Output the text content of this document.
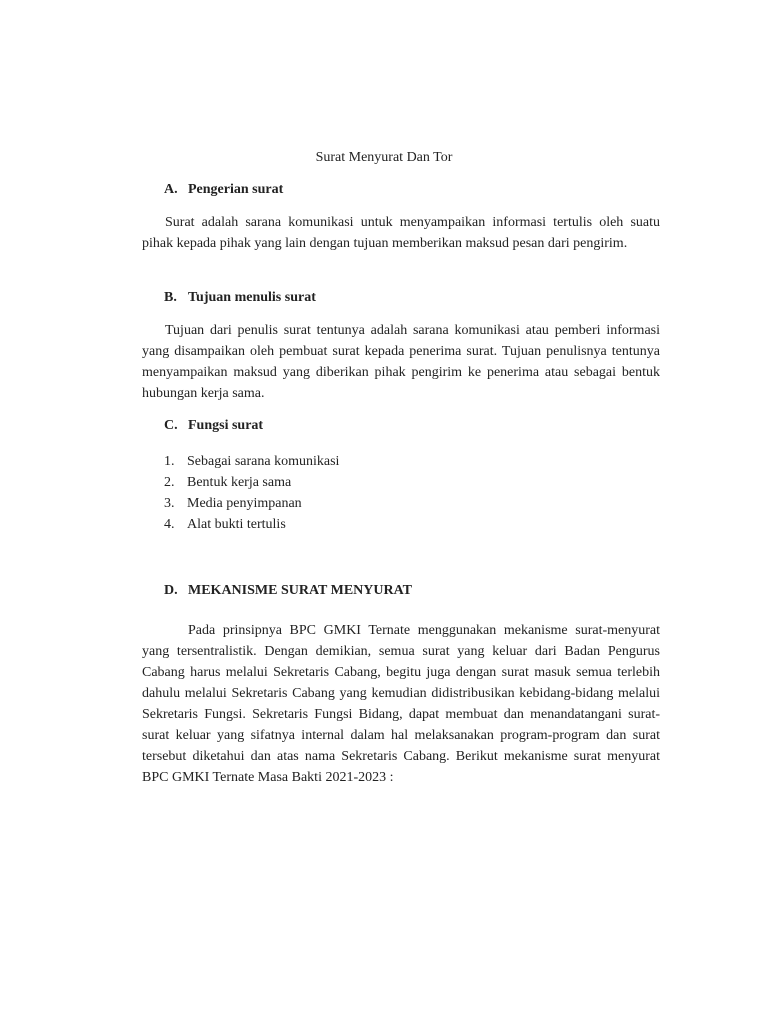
Surat Menyurat Dan Tor
A. Pengerian surat
Surat adalah sarana komunikasi untuk menyampaikan informasi tertulis oleh suatu pihak kepada pihak yang lain dengan tujuan memberikan maksud pesan dari pengirim.
B. Tujuan menulis surat
Tujuan dari penulis surat tentunya adalah sarana komunikasi atau pemberi informasi yang disampaikan oleh pembuat surat kepada penerima surat. Tujuan penulisnya tentunya menyampaikan maksud yang diberikan pihak pengirim ke penerima atau sebagai bentuk hubungan kerja sama.
C. Fungsi surat
1. Sebagai sarana komunikasi
2. Bentuk kerja sama
3. Media penyimpanan
4. Alat bukti tertulis
D. MEKANISME SURAT MENYURAT
Pada prinsipnya BPC GMKI Ternate menggunakan mekanisme surat-menyurat yang tersentralistik. Dengan demikian, semua surat yang keluar dari Badan Pengurus Cabang harus melalui Sekretaris Cabang, begitu juga dengan surat masuk semua terlebih dahulu melalui Sekretaris Cabang yang kemudian didistribusikan kebidang-bidang melalui Sekretaris Fungsi. Sekretaris Fungsi Bidang, dapat membuat dan menandatangani surat-surat keluar yang sifatnya internal dalam hal melaksanakan program-program dan surat tersebut diketahui dan atas nama Sekretaris Cabang. Berikut mekanisme surat menyurat BPC GMKI Ternate Masa Bakti 2021-2023 :
